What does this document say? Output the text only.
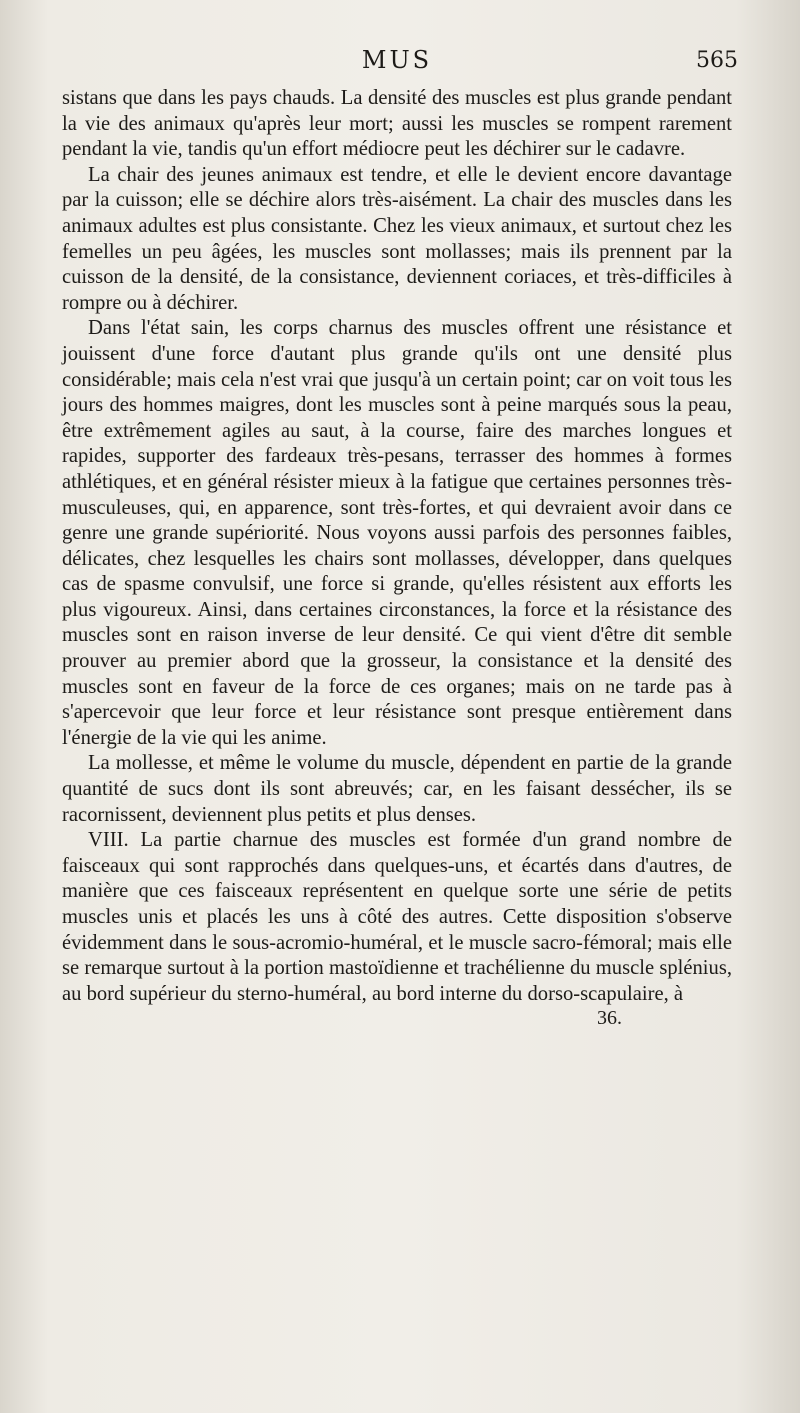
MUS	565

sistans que dans les pays chauds. La densité des muscles est plus grande pendant la vie des animaux qu'après leur mort; aussi les muscles se rompent rarement pendant la vie, tandis qu'un effort médiocre peut les déchirer sur le cadavre.

La chair des jeunes animaux est tendre, et elle le devient encore davantage par la cuisson; elle se déchire alors très-aisément. La chair des muscles dans les animaux adultes est plus consistante. Chez les vieux animaux, et surtout chez les femelles un peu âgées, les muscles sont mollasses; mais ils prennent par la cuisson de la densité, de la consistance, deviennent coriaces, et très-difficiles à rompre ou à déchirer.

Dans l'état sain, les corps charnus des muscles offrent une résistance et jouissent d'une force d'autant plus grande qu'ils ont une densité plus considérable; mais cela n'est vrai que jusqu'à un certain point; car on voit tous les jours des hommes maigres, dont les muscles sont à peine marqués sous la peau, être extrêmement agiles au saut, à la course, faire des marches longues et rapides, supporter des fardeaux très-pesans, terrasser des hommes à formes athlétiques, et en général résister mieux à la fatigue que certaines personnes très-musculeuses, qui, en apparence, sont très-fortes, et qui devraient avoir dans ce genre une grande supériorité. Nous voyons aussi parfois des personnes faibles, délicates, chez lesquelles les chairs sont mollasses, développer, dans quelques cas de spasme convulsif, une force si grande, qu'elles résistent aux efforts les plus vigoureux. Ainsi, dans certaines circonstances, la force et la résistance des muscles sont en raison inverse de leur densité. Ce qui vient d'être dit semble prouver au premier abord que la grosseur, la consistance et la densité des muscles sont en faveur de la force de ces organes; mais on ne tarde pas à s'apercevoir que leur force et leur résistance sont presque entièrement dans l'énergie de la vie qui les anime.

La mollesse, et même le volume du muscle, dépendent en partie de la grande quantité de sucs dont ils sont abreuvés; car, en les faisant dessécher, ils se racornissent, deviennent plus petits et plus denses.

VIII. La partie charnue des muscles est formée d'un grand nombre de faisceaux qui sont rapprochés dans quelques-uns, et écartés dans d'autres, de manière que ces faisceaux représentent en quelque sorte une série de petits muscles unis et placés les uns à côté des autres. Cette disposition s'observe évidemment dans le sous-acromio-huméral, et le muscle sacro-fémoral; mais elle se remarque surtout à la portion mastoïdienne et trachélienne du muscle splénius, au bord supérieur du sterno-huméral, au bord interne du dorso-scapulaire, à

36.
